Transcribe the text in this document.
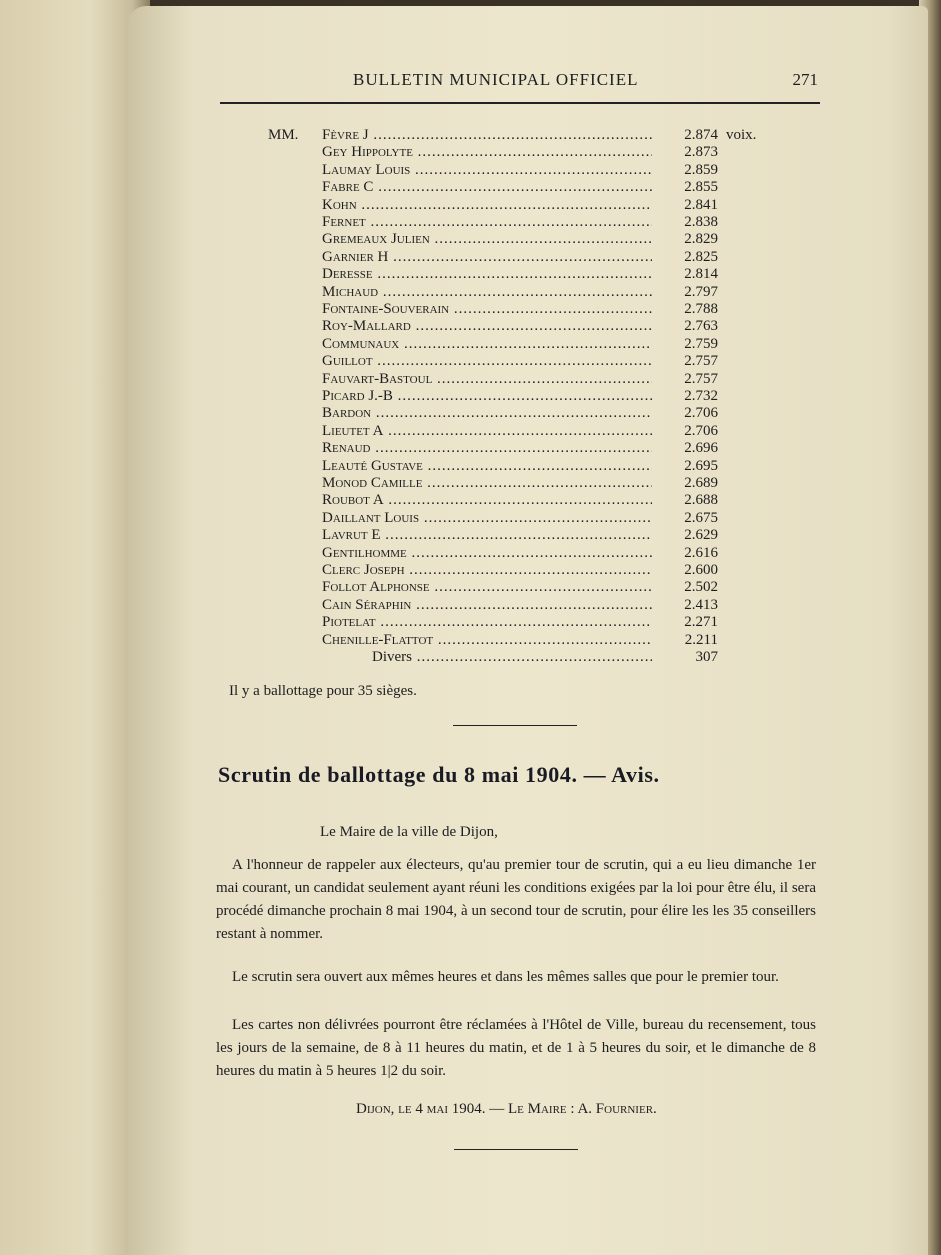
BULLETIN MUNICIPAL OFFICIEL	271
MM. Fèvre J .....	2.874 voix.
Gey Hippolyte .....	2.873
Laumay Louis .....	2.859
Fabre C .....	2.855
Kohn .....	2.841
Fernet .....	2.838
Gremeaux Julien .....	2.829
Garnier H .....	2.825
Deresse .....	2.814
Michaud .....	2.797
Fontaine-Souverain .....	2.788
Roy-Mallard .....	2.763
Communaux .....	2.759
Guillot .....	2.757
Fauvart-Bastoul .....	2.757
Picard J.-B .....	2.732
Bardon .....	2.706
Lieutet A .....	2.706
Renaud .....	2.696
Leauté Gustave .....	2.695
Monod Camille .....	2.689
Roubot A .....	2.688
Daillant Louis .....	2.675
Lavrut E .....	2.629
Gentilhomme .....	2.616
Clerc Joseph .....	2.600
Follot Alphonse .....	2.502
Cain Séraphin .....	2.413
Piotelat .....	2.271
Chenille-Flattot .....	2.211
Divers .....	307
Il y a ballottage pour 35 sièges.
Scrutin de ballottage du 8 mai 1904. — Avis.
Le Maire de la ville de Dijon,
A l'honneur de rappeler aux électeurs, qu'au premier tour de scrutin, qui a eu lieu dimanche 1er mai courant, un candidat seulement ayant réuni les conditions exigées par la loi pour être élu, il sera procédé dimanche prochain 8 mai 1904, à un second tour de scrutin, pour élire les les 35 conseillers restant à nommer.
Le scrutin sera ouvert aux mêmes heures et dans les mêmes salles que pour le premier tour.
Les cartes non délivrées pourront être réclamées à l'Hôtel de Ville, bureau du recensement, tous les jours de la semaine, de 8 à 11 heures du matin, et de 1 à 5 heures du soir, et le dimanche de 8 heures du matin à 5 heures 1|2 du soir.
Dijon, le 4 mai 1904. — Le Maire : A. Fournier.
